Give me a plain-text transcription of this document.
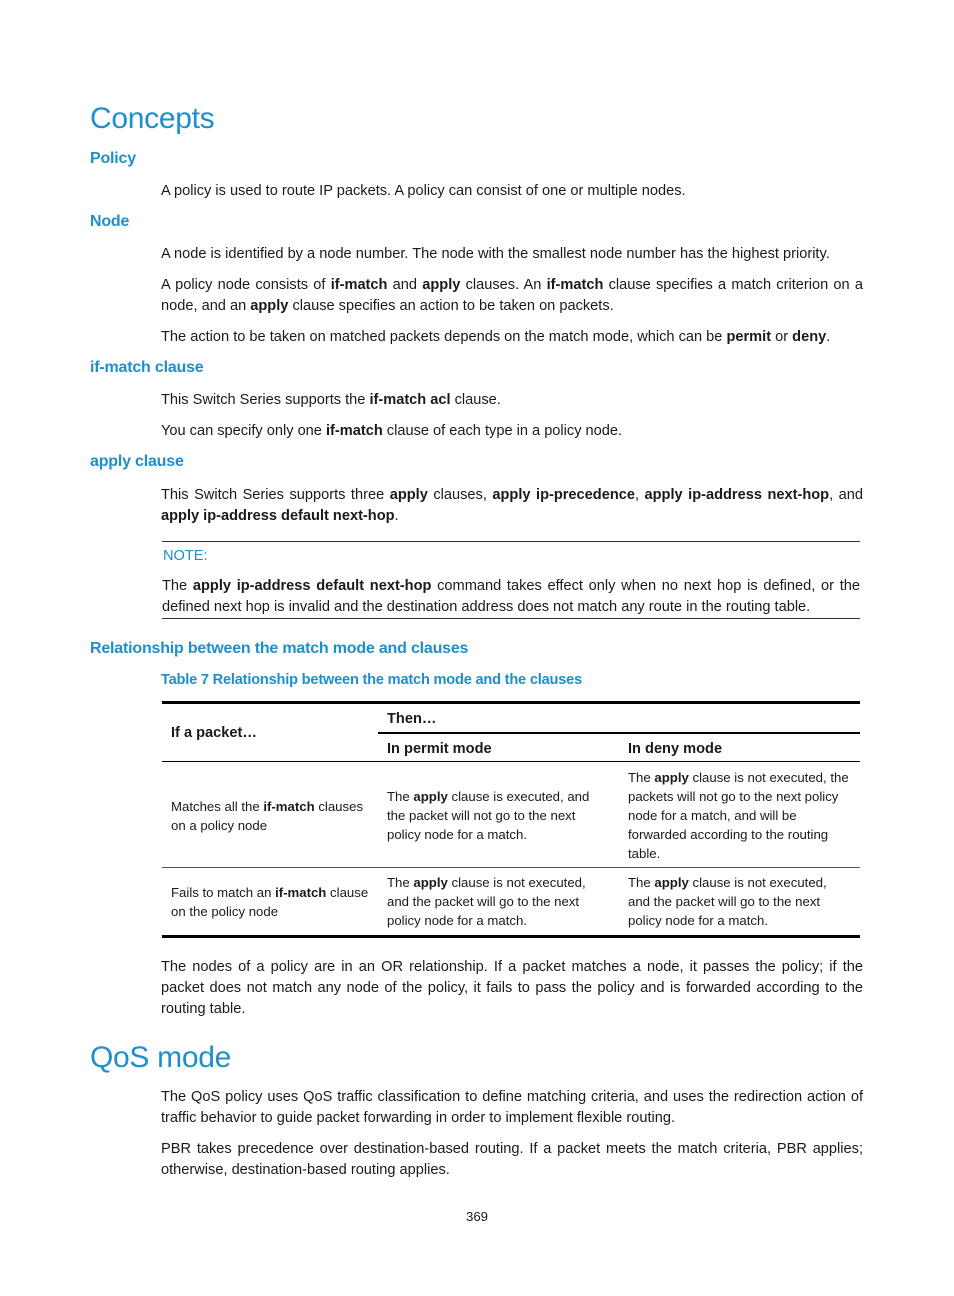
Concepts
Policy

A policy is used to route IP packets. A policy can consist of one or multiple nodes.

Node

A node is identified by a node number. The node with the smallest node number has the highest priority.

A policy node consists of if-match and apply clauses. An if-match clause specifies a match criterion on a node, and an apply clause specifies an action to be taken on packets.

The action to be taken on matched packets depends on the match mode, which can be permit or deny.

if-match clause

This Switch Series supports the if-match acl clause.

You can specify only one if-match clause of each type in a policy node.

apply clause

This Switch Series supports three apply clauses, apply ip-precedence, apply ip-address next-hop, and apply ip-address default next-hop.

NOTE:

The apply ip-address default next-hop command takes effect only when no next hop is defined, or the defined next hop is invalid and the destination address does not match any route in the routing table.

Relationship between the match mode and clauses
Table 7 Relationship between the match mode and the clauses
If a packet…
Then…
In permit mode	In deny mode
Matches all the if-match clauses on a policy node
The apply clause is executed, and the packet will not go to the next policy node for a match.
The apply clause is not executed, the packets will not go to the next policy node for a match, and will be forwarded according to the routing table.
Fails to match an if-match clause on the policy node
The apply clause is not executed, and the packet will go to the next policy node for a match.
The apply clause is not executed, and the packet will go to the next policy node for a match.

The nodes of a policy are in an OR relationship. If a packet matches a node, it passes the policy; if the packet does not match any node of the policy, it fails to pass the policy and is forwarded according to the routing table.

QoS mode

The QoS policy uses QoS traffic classification to define matching criteria, and uses the redirection action of traffic behavior to guide packet forwarding in order to implement flexible routing.

PBR takes precedence over destination-based routing. If a packet meets the match criteria, PBR applies; otherwise, destination-based routing applies.

369
